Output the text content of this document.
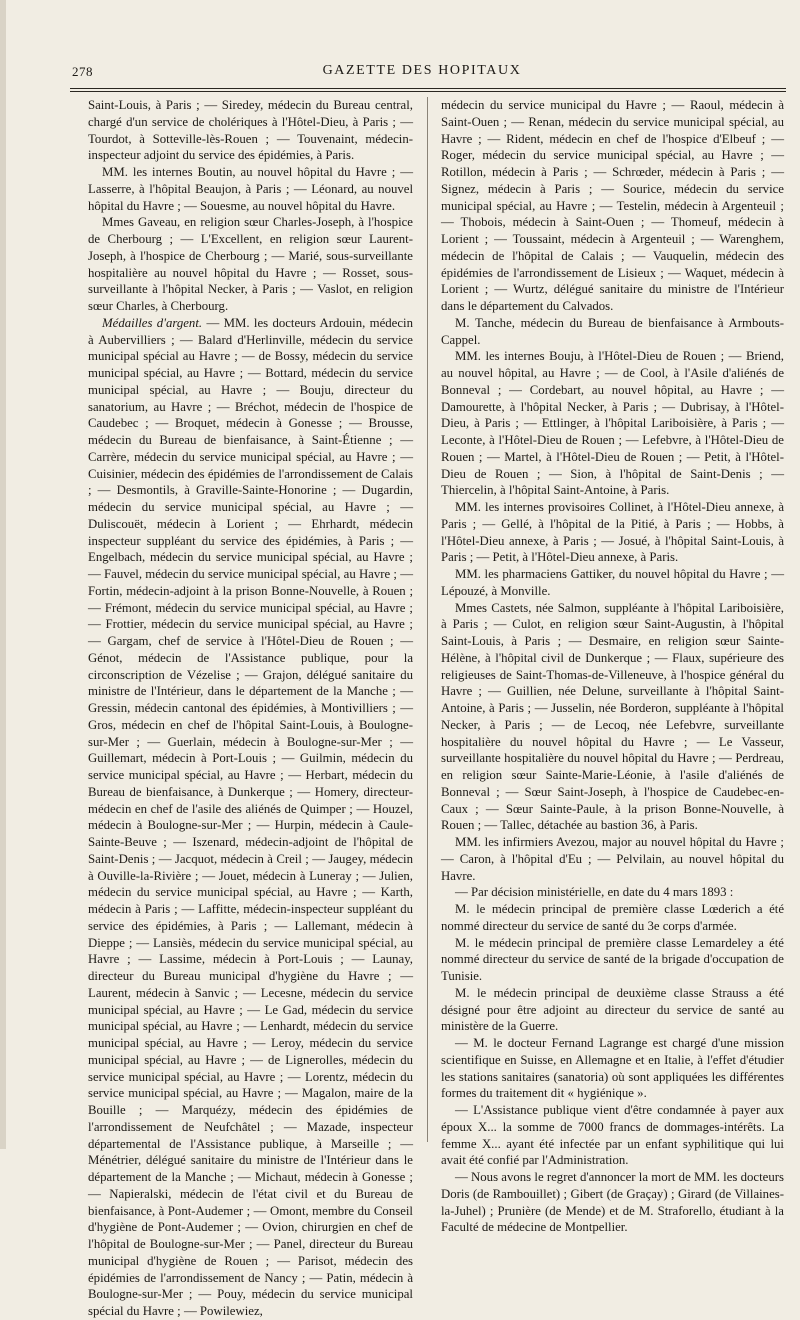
278	GAZETTE DES HOPITAUX

Saint-Louis, à Paris ; — Siredey, médecin du Bureau central, chargé d'un service de cholériques à l'Hôtel-Dieu, à Paris ; — Tourdot, à Sotteville-lès-Rouen ; — Touvenaint, médecin-inspecteur adjoint du service des épidémies, à Paris.

MM. les internes Boutin, au nouvel hôpital du Havre ; — Lasserre, à l'hôpital Beaujon, à Paris ; — Léonard, au nouvel hôpital du Havre ; — Souesme, au nouvel hôpital du Havre.

Mmes Gaveau, en religion sœur Charles-Joseph, à l'hospice de Cherbourg ; — L'Excellent, en religion sœur Laurent-Joseph, à l'hospice de Cherbourg ; — Marié, sous-surveillante hospitalière au nouvel hôpital du Havre ; — Rosset, sous-surveillante à l'hôpital Necker, à Paris ; — Vaslot, en religion sœur Charles, à Cherbourg.

Médailles d'argent. — MM. les docteurs Ardouin, médecin à Aubervilliers ; — Balard d'Herlinville, médecin du service municipal spécial au Havre ; — de Bossy, médecin du service municipal spécial, au Havre ; — Bottard, médecin du service municipal spécial, au Havre ; — Bouju, directeur du sanatorium, au Havre ; — Bréchot, médecin de l'hospice de Caudebec ; — Broquet, médecin à Gonesse ; — Brousse, médecin du Bureau de bienfaisance, à Saint-Étienne ; — Carrère, médecin du service municipal spécial, au Havre ; — Cuisinier, médecin des épidémies de l'arrondissement de Calais ; — Desmontils, à Graville-Sainte-Honorine ; — Dugardin, médecin du service municipal spécial, au Havre ; — Duliscouët, médecin à Lorient ; — Ehrhardt, médecin inspecteur suppléant du service des épidémies, à Paris ; — Engelbach, médecin du service municipal spécial, au Havre ; — Fauvel, médecin du service municipal spécial, au Havre ; — Fortin, médecin-adjoint à la prison Bonne-Nouvelle, à Rouen ; — Frémont, médecin du service municipal spécial, au Havre ; — Frottier, médecin du service municipal spécial, au Havre ; — Gargam, chef de service à l'Hôtel-Dieu de Rouen ; — Génot, médecin de l'Assistance publique, pour la circonscription de Vézelise ; — Grajon, délégué sanitaire du ministre de l'Intérieur, dans le département de la Manche ; — Gressin, médecin cantonal des épidémies, à Montivilliers ; — Gros, médecin en chef de l'hôpital Saint-Louis, à Boulogne-sur-Mer ; — Guerlain, médecin à Boulogne-sur-Mer ; — Guillemart, médecin à Port-Louis ; — Guilmin, médecin du service municipal spécial, au Havre ; — Herbart, médecin du Bureau de bienfaisance, à Dunkerque ; — Homery, directeur-médecin en chef de l'asile des aliénés de Quimper ; — Houzel, médecin à Boulogne-sur-Mer ; — Hurpin, médecin à Caule-Sainte-Beuve ; — Iszenard, médecin-adjoint de l'hôpital de Saint-Denis ; — Jacquot, médecin à Creil ; — Jaugey, médecin à Ouville-la-Rivière ; — Jouet, médecin à Luneray ; — Julien, médecin du service municipal spécial, au Havre ; — Karth, médecin à Paris ; — Laffitte, médecin-inspecteur suppléant du service des épidémies, à Paris ; — Lallemant, médecin à Dieppe ; — Lansiès, médecin du service municipal spécial, au Havre ; — Lassime, médecin à Port-Louis ; — Launay, directeur du Bureau municipal d'hygiène du Havre ; — Laurent, médecin à Sanvic ; — Lecesne, médecin du service municipal spécial, au Havre ; — Le Gad, médecin du service municipal spécial, au Havre ; — Lenhardt, médecin du service municipal spécial, au Havre ; — Leroy, médecin du service municipal spécial, au Havre ; — de Lignerolles, médecin du service municipal spécial, au Havre ; — Lorentz, médecin du service municipal spécial, au Havre ; — Magalon, maire de la Bouille ; — Marquézy, médecin des épidémies de l'arrondissement de Neufchâtel ; — Mazade, inspecteur départemental de l'Assistance publique, à Marseille ; — Ménétrier, délégué sanitaire du ministre de l'Intérieur dans le département de la Manche ; — Michaut, médecin à Gonesse ; — Napieralski, médecin de l'état civil et du Bureau de bienfaisance, à Pont-Audemer ; — Omont, membre du Conseil d'hygiène de Pont-Audemer ; — Ovion, chirurgien en chef de l'hôpital de Boulogne-sur-Mer ; — Panel, directeur du Bureau municipal d'hygiène de Rouen ; — Parisot, médecin des épidémies de l'arrondissement de Nancy ; — Patin, médecin à Boulogne-sur-Mer ; — Pouy, médecin du service municipal spécial du Havre ; — Powilewiez,

médecin du service municipal du Havre ; — Raoul, médecin à Saint-Ouen ; — Renan, médecin du service municipal spécial, au Havre ; — Rident, médecin en chef de l'hospice d'Elbeuf ; — Roger, médecin du service municipal spécial, au Havre ; — Rotillon, médecin à Paris ; — Schrœder, médecin à Paris ; — Signez, médecin à Paris ; — Sourice, médecin du service municipal spécial, au Havre ; — Testelin, médecin à Argenteuil ; — Thobois, médecin à Saint-Ouen ; — Thomeuf, médecin à Lorient ; — Toussaint, médecin à Argenteuil ; — Warenghem, médecin de l'hôpital de Calais ; — Vauquelin, médecin des épidémies de l'arrondissement de Lisieux ; — Waquet, médecin à Lorient ; — Wurtz, délégué sanitaire du ministre de l'Intérieur dans le département du Calvados.

M. Tanche, médecin du Bureau de bienfaisance à Armbouts-Cappel.

MM. les internes Bouju, à l'Hôtel-Dieu de Rouen ; — Briend, au nouvel hôpital, au Havre ; — de Cool, à l'Asile d'aliénés de Bonneval ; — Cordebart, au nouvel hôpital, au Havre ; — Damourette, à l'hôpital Necker, à Paris ; — Dubrisay, à l'Hôtel-Dieu, à Paris ; — Ettlinger, à l'hôpital Lariboisière, à Paris ; — Leconte, à l'Hôtel-Dieu de Rouen ; — Lefebvre, à l'Hôtel-Dieu de Rouen ; — Martel, à l'Hôtel-Dieu de Rouen ; — Petit, à l'Hôtel-Dieu de Rouen ; — Sion, à l'hôpital de Saint-Denis ; — Thiercelin, à l'hôpital Saint-Antoine, à Paris.

MM. les internes provisoires Collinet, à l'Hôtel-Dieu annexe, à Paris ; — Gellé, à l'hôpital de la Pitié, à Paris ; — Hobbs, à l'Hôtel-Dieu annexe, à Paris ; — Josué, à l'hôpital Saint-Louis, à Paris ; — Petit, à l'Hôtel-Dieu annexe, à Paris.

MM. les pharmaciens Gattiker, du nouvel hôpital du Havre ; — Lépouzé, à Monville.

Mmes Castets, née Salmon, suppléante à l'hôpital Lariboisière, à Paris ; — Culot, en religion sœur Saint-Augustin, à l'hôpital Saint-Louis, à Paris ; — Desmaire, en religion sœur Sainte-Hélène, à l'hôpital civil de Dunkerque ; — Flaux, supérieure des religieuses de Saint-Thomas-de-Villeneuve, à l'hospice général du Havre ; — Guillien, née Delune, surveillante à l'hôpital Saint-Antoine, à Paris ; — Jusselin, née Borderon, suppléante à l'hôpital Necker, à Paris ; — de Lecoq, née Lefebvre, surveillante hospitalière du nouvel hôpital du Havre ; — Le Vasseur, surveillante hospitalière du nouvel hôpital du Havre ; — Perdreau, en religion sœur Sainte-Marie-Léonie, à l'asile d'aliénés de Bonneval ; — Sœur Saint-Joseph, à l'hospice de Caudebec-en-Caux ; — Sœur Sainte-Paule, à la prison Bonne-Nouvelle, à Rouen ; — Tallec, détachée au bastion 36, à Paris.

MM. les infirmiers Avezou, major au nouvel hôpital du Havre ; — Caron, à l'hôpital d'Eu ; — Pelvilain, au nouvel hôpital du Havre.

— Par décision ministérielle, en date du 4 mars 1893 :

M. le médecin principal de première classe Lœderich a été nommé directeur du service de santé du 3e corps d'armée.

M. le médecin principal de première classe Lemardeley a été nommé directeur du service de santé de la brigade d'occupation de Tunisie.

M. le médecin principal de deuxième classe Strauss a été désigné pour être adjoint au directeur du service de santé au ministère de la Guerre.

— M. le docteur Fernand Lagrange est chargé d'une mission scientifique en Suisse, en Allemagne et en Italie, à l'effet d'étudier les stations sanitaires (sanatoria) où sont appliquées les différentes formes du traitement dit « hygiénique ».

— L'Assistance publique vient d'être condamnée à payer aux époux X... la somme de 7000 francs de dommages-intérêts. La femme X... ayant été infectée par un enfant syphilitique qui lui avait été confié par l'Administration.

— Nous avons le regret d'annoncer la mort de MM. les docteurs Doris (de Rambouillet) ; Gibert (de Graçay) ; Girard (de Villaines-la-Juhel) ; Prunière (de Mende) et de M. Straforello, étudiant à la Faculté de médecine de Montpellier.
